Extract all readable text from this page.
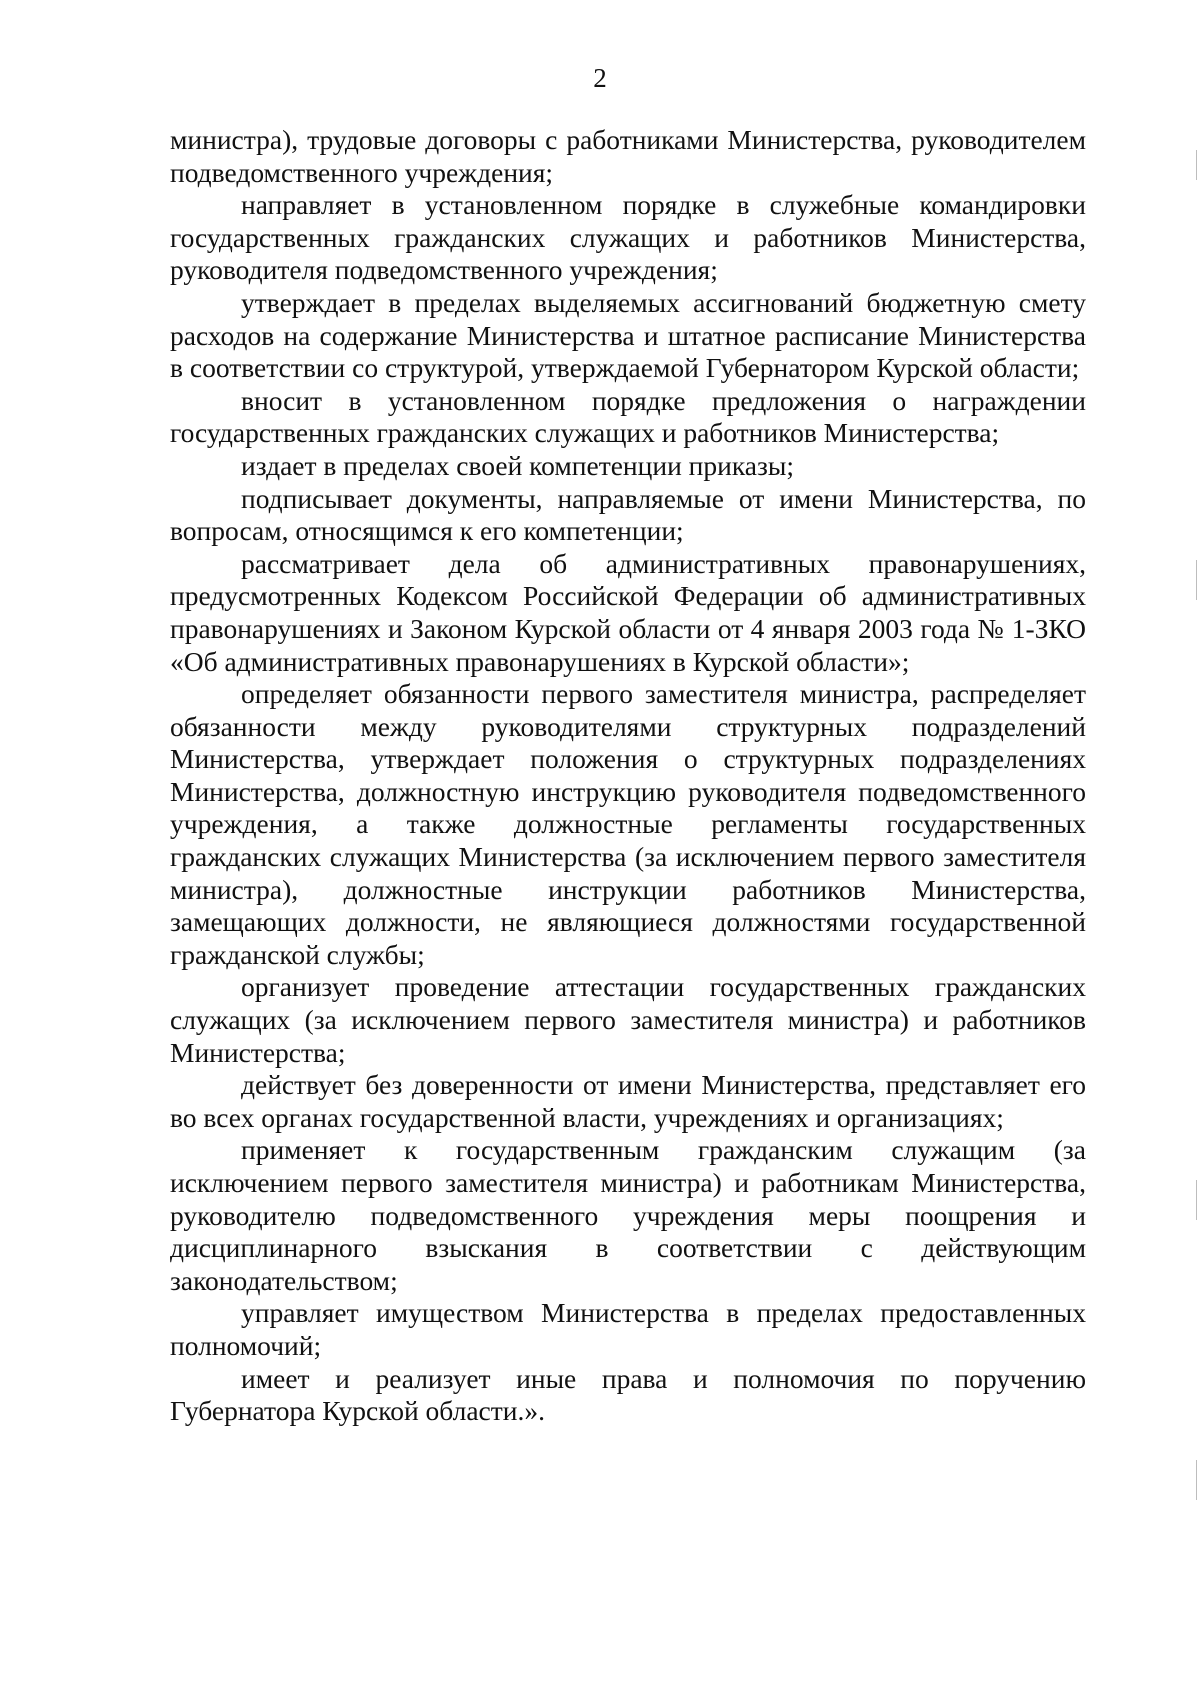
2

министра), трудовые договоры с работниками Министерства, руководителем подведомственного учреждения;

направляет в установленном порядке в служебные командировки государственных гражданских служащих и работников Министерства, руководителя подведомственного учреждения;

утверждает в пределах выделяемых ассигнований бюджетную смету расходов на содержание Министерства и штатное расписание Министерства в соответствии со структурой, утверждаемой Губернатором Курской области;

вносит в установленном порядке предложения о награждении государственных гражданских служащих и работников Министерства;

издает в пределах своей компетенции приказы;

подписывает документы, направляемые от имени Министерства, по вопросам, относящимся к его компетенции;

рассматривает дела об административных правонарушениях, предусмотренных Кодексом Российской Федерации об административных правонарушениях и Законом Курской области от 4 января 2003 года № 1-ЗКО «Об административных правонарушениях в Курской области»;

определяет обязанности первого заместителя министра, распределяет обязанности между руководителями структурных подразделений Министерства, утверждает положения о структурных подразделениях Министерства, должностную инструкцию руководителя подведомственного учреждения, а также должностные регламенты государственных гражданских служащих Министерства (за исключением первого заместителя министра), должностные инструкции работников Министерства, замещающих должности, не являющиеся должностями государственной гражданской службы;

организует проведение аттестации государственных гражданских служащих (за исключением первого заместителя министра) и работников Министерства;

действует без доверенности от имени Министерства, представляет его во всех органах государственной власти, учреждениях и организациях;

применяет к государственным гражданским служащим (за исключением первого заместителя министра) и работникам Министерства, руководителю подведомственного учреждения меры поощрения и дисциплинарного взыскания в соответствии с действующим законодательством;

управляет имуществом Министерства в пределах предоставленных полномочий;

имеет и реализует иные права и полномочия по поручению Губернатора Курской области.».
